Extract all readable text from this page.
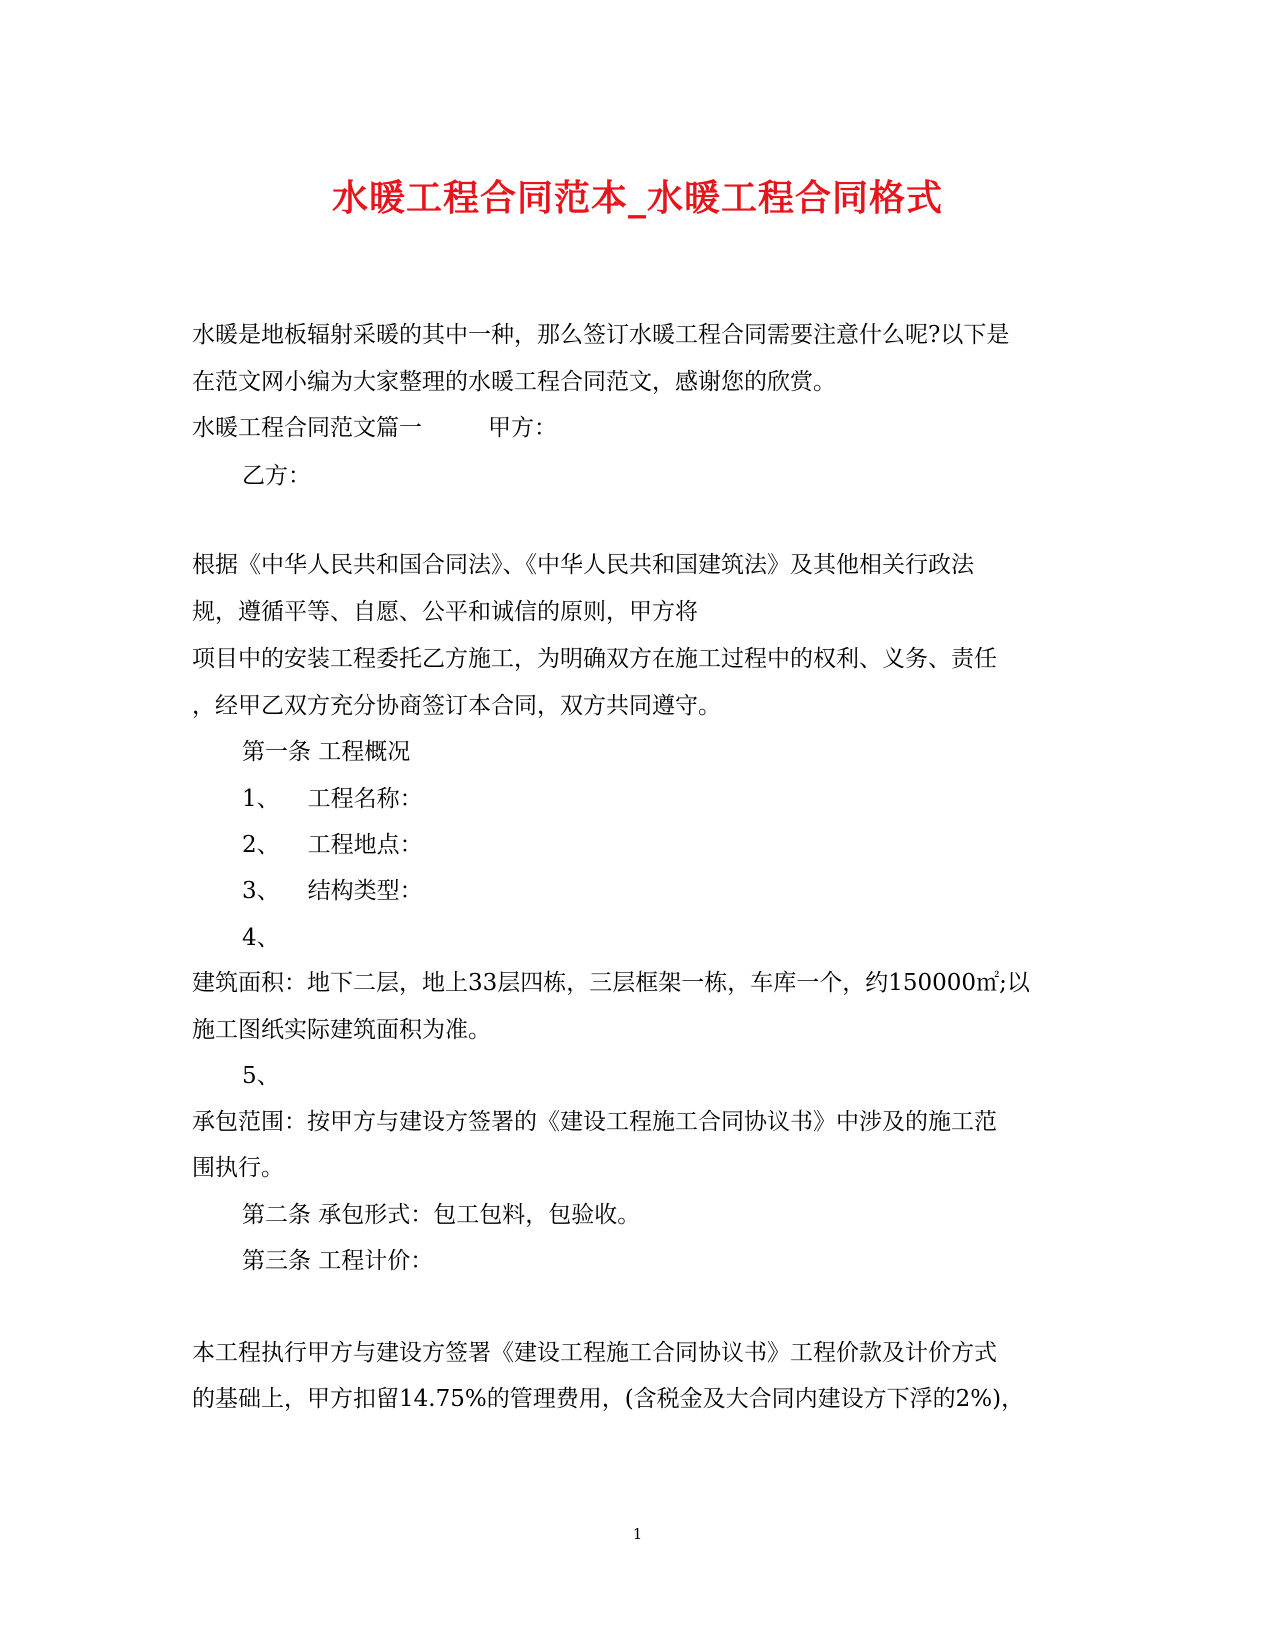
水暖工程合同范本_水暖工程合同格式
水暖是地板辐射采暖的其中一种，那么签订水暖工程合同需要注意什么呢?以下是
在范文网小编为大家整理的水暖工程合同范文，感谢您的欣赏。
水暖工程合同范文篇一	甲方：
乙方：
根据《中华人民共和国合同法》、《中华人民共和国建筑法》及其他相关行政法
规，遵循平等、自愿、公平和诚信的原则，甲方将
项目中的安装工程委托乙方施工，为明确双方在施工过程中的权利、义务、责任
，经甲乙双方充分协商签订本合同，双方共同遵守。
第一条 工程概况
1、 工程名称：
2、 工程地点：
3、 结构类型：
4、
建筑面积：地下二层，地上33层四栋，三层框架一栋，车库一个，约150000㎡;以
施工图纸实际建筑面积为准。
5、
承包范围：按甲方与建设方签署的《建设工程施工合同协议书》中涉及的施工范
围执行。
第二条 承包形式：包工包料，包验收。
第三条 工程计价：
本工程执行甲方与建设方签署《建设工程施工合同协议书》工程价款及计价方式
的基础上，甲方扣留14.75%的管理费用，(含税金及大合同内建设方下浮的2%)，
1
